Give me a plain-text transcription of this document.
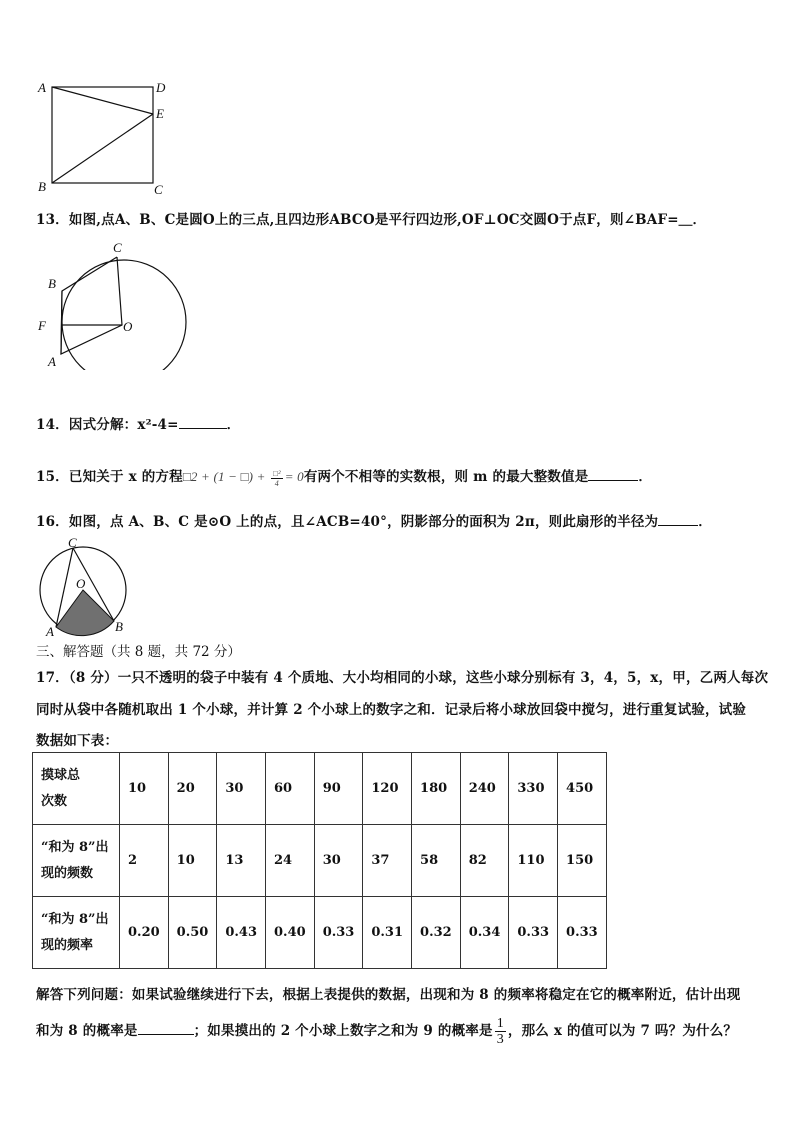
A	D
E
B	C
13．如图,点A、B、C是圆O上的三点,且四边形ABCO是平行四边形,OF⊥OC交圆O于点F，则∠BAF=＿．
C
B
F	O
A
14．因式分解：x²-4=	．
15．已知关于 x 的方程□2 + (1 − □) + $\frac{\text{□²}}{4} = 0$有两个不相等的实数根，则 m 的最大整数值是	．
16．如图，点 A、B、C 是⊙O 上的点，且∠ACB=40°，阴影部分的面积为 2π，则此扇形的半径为	．
C
O
A	B
三、解答题（共 8 题，共 72 分）
17．（8 分）一只不透明的袋子中装有 4 个质地、大小均相同的小球，这些小球分别标有 3，4，5，x，甲，乙两人每次
同时从袋中各随机取出 1 个小球，并计算 2 个小球上的数字之和．记录后将小球放回袋中搅匀，进行重复试验，试验
数据如下表：
摸球总
次数	10	20	30	60	90	120	180	240	330	450

“和为 8”出
现的频数	2	10	13	24	30	37	58	82	110	150

“和为 8”出
现的频率	0.20	0.50	0.43	0.40	0.33	0.31	0.32	0.34	0.33	0.33
解答下列问题：如果试验继续进行下去，根据上表提供的数据，出现和为 8 的频率将稳定在它的概率附近，估计出现
和为 8 的概率是	；如果摸出的 2 个小球上数字之和为 9 的概率是 $\frac{1}{3}$ ，那么 x 的值可以为 7 吗？为什么？
